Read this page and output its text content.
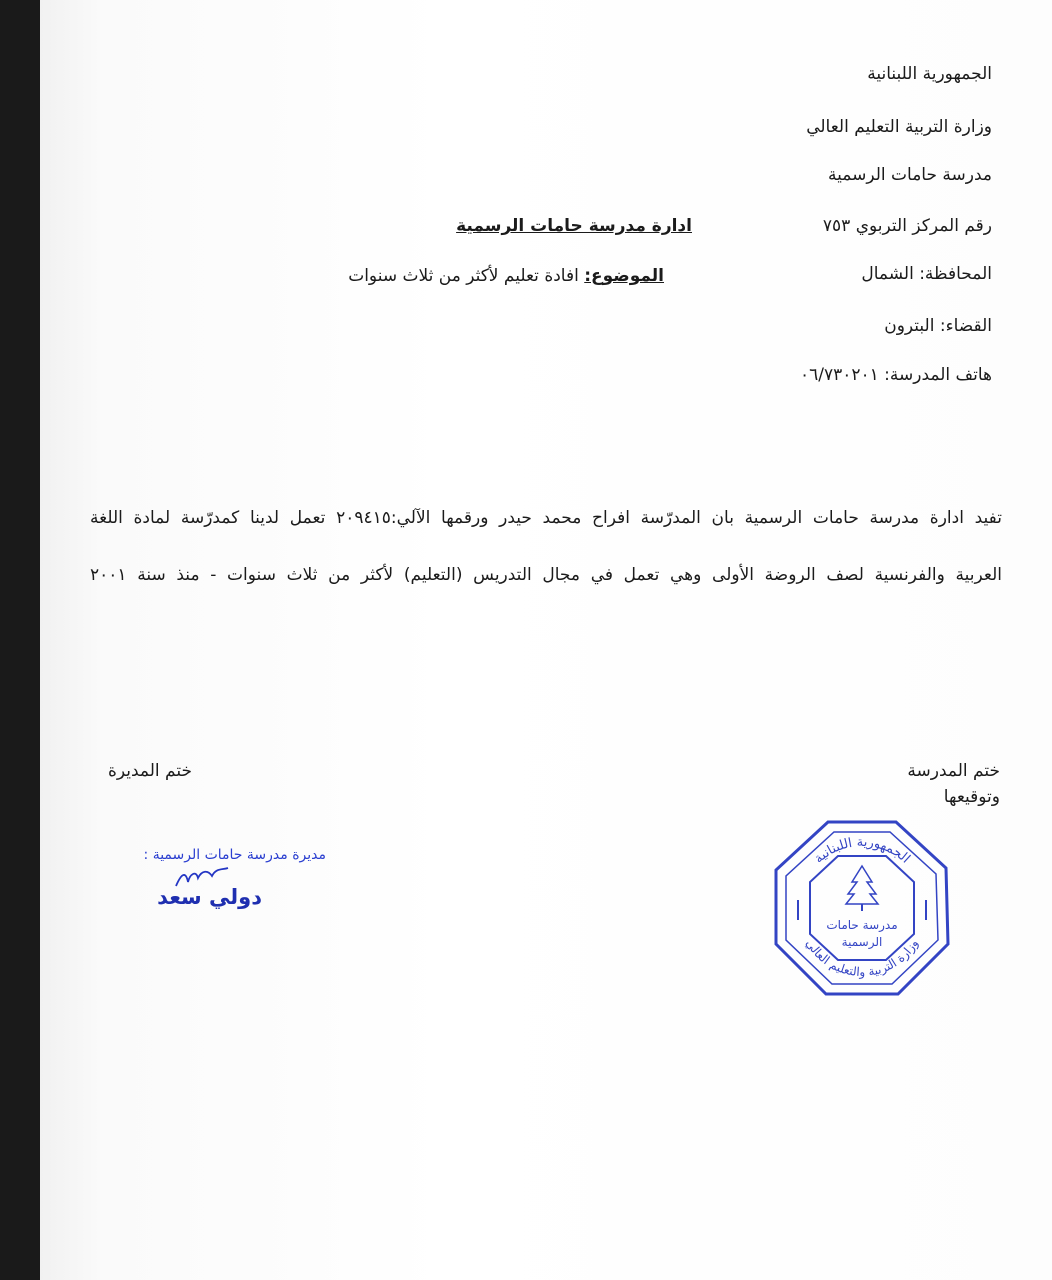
الجمهورية اللبنانية
وزارة التربية التعليم العالي
مدرسة حامات الرسمية
رقم المركز التربوي ٧٥٣
المحافظة: الشمال
القضاء: البترون
هاتف المدرسة: ٠٦/٧٣٠٢٠١
ادارة مدرسة حامات الرسمية
الموضوع: افادة تعليم لأكثر من ثلاث سنوات
تفيد ادارة مدرسة حامات الرسمية بان المدرّسة افراح محمد حيدر ورقمها الآلي:٢٠٩٤١٥ تعمل لدينا كمدرّسة لمادة اللغة
العربية والفرنسية لصف الروضة الأولى وهي تعمل في مجال التدريس (التعليم) لأكثر من ثلاث سنوات - منذ سنة ٢٠٠١
ختم المدرسة
وتوقيعها
ختم المديرة
مديرة مدرسة حامات الرسمية :
دولي سعد
الجمهورية اللبنانية
وزارة التربية والتعليم العالي
مدرسة حامات
الرسمية
